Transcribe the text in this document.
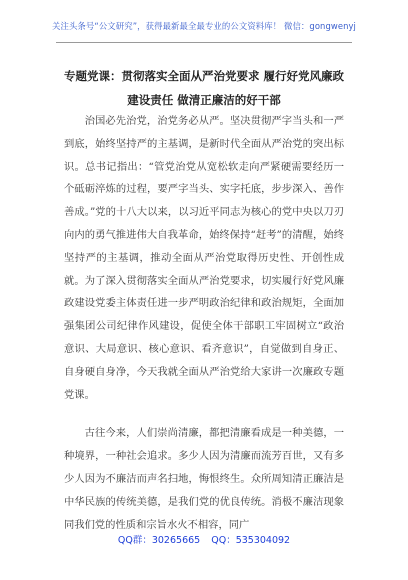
关注头条号“公文研究”，获得最新最全最专业的公文资料库！ 微信：gongwenyj
专题党课：贯彻落实全面从严治党要求 履行好党风廉政建设责任 做清正廉洁的好干部

治国必先治党，治党务必从严。坚决贯彻严字当头和一严到底，始终坚持严的主基调，是新时代全面从严治党的突出标识。总书记指出：“管党治党从宽松软走向严紧硬需要经历一个砥砺淬炼的过程，要严字当头、实字托底，步步深入、善作善成。”党的十八大以来，以习近平同志为核心的党中央以刀刃向内的勇气推进伟大自我革命，始终保持“赶考”的清醒，始终坚持严的主基调，推动全面从严治党取得历史性、开创性成就。为了深入贯彻落实全面从严治党要求，切实履行好党风廉政建设党委主体责任进一步严明政治纪律和政治规矩，全面加强集团公司纪律作风建设，促使全体干部职工牢固树立“政治意识、大局意识、核心意识、看齐意识”，自觉做到自身正、自身硬自身净，今天我就全面从严治党给大家讲一次廉政专题党课。

古往今来，人们崇尚清廉，都把清廉看成是一种美德，一种境界，一种社会追求。多少人因为清廉而流芳百世，又有多少人因为不廉洁而声名扫地，悔恨终生。众所周知清正廉洁是中华民族的传统美德，是我们党的优良传统。消极不廉洁现象同我们党的性质和宗旨水火不相容，同广

QQ群：30265665 QQ：535304092
